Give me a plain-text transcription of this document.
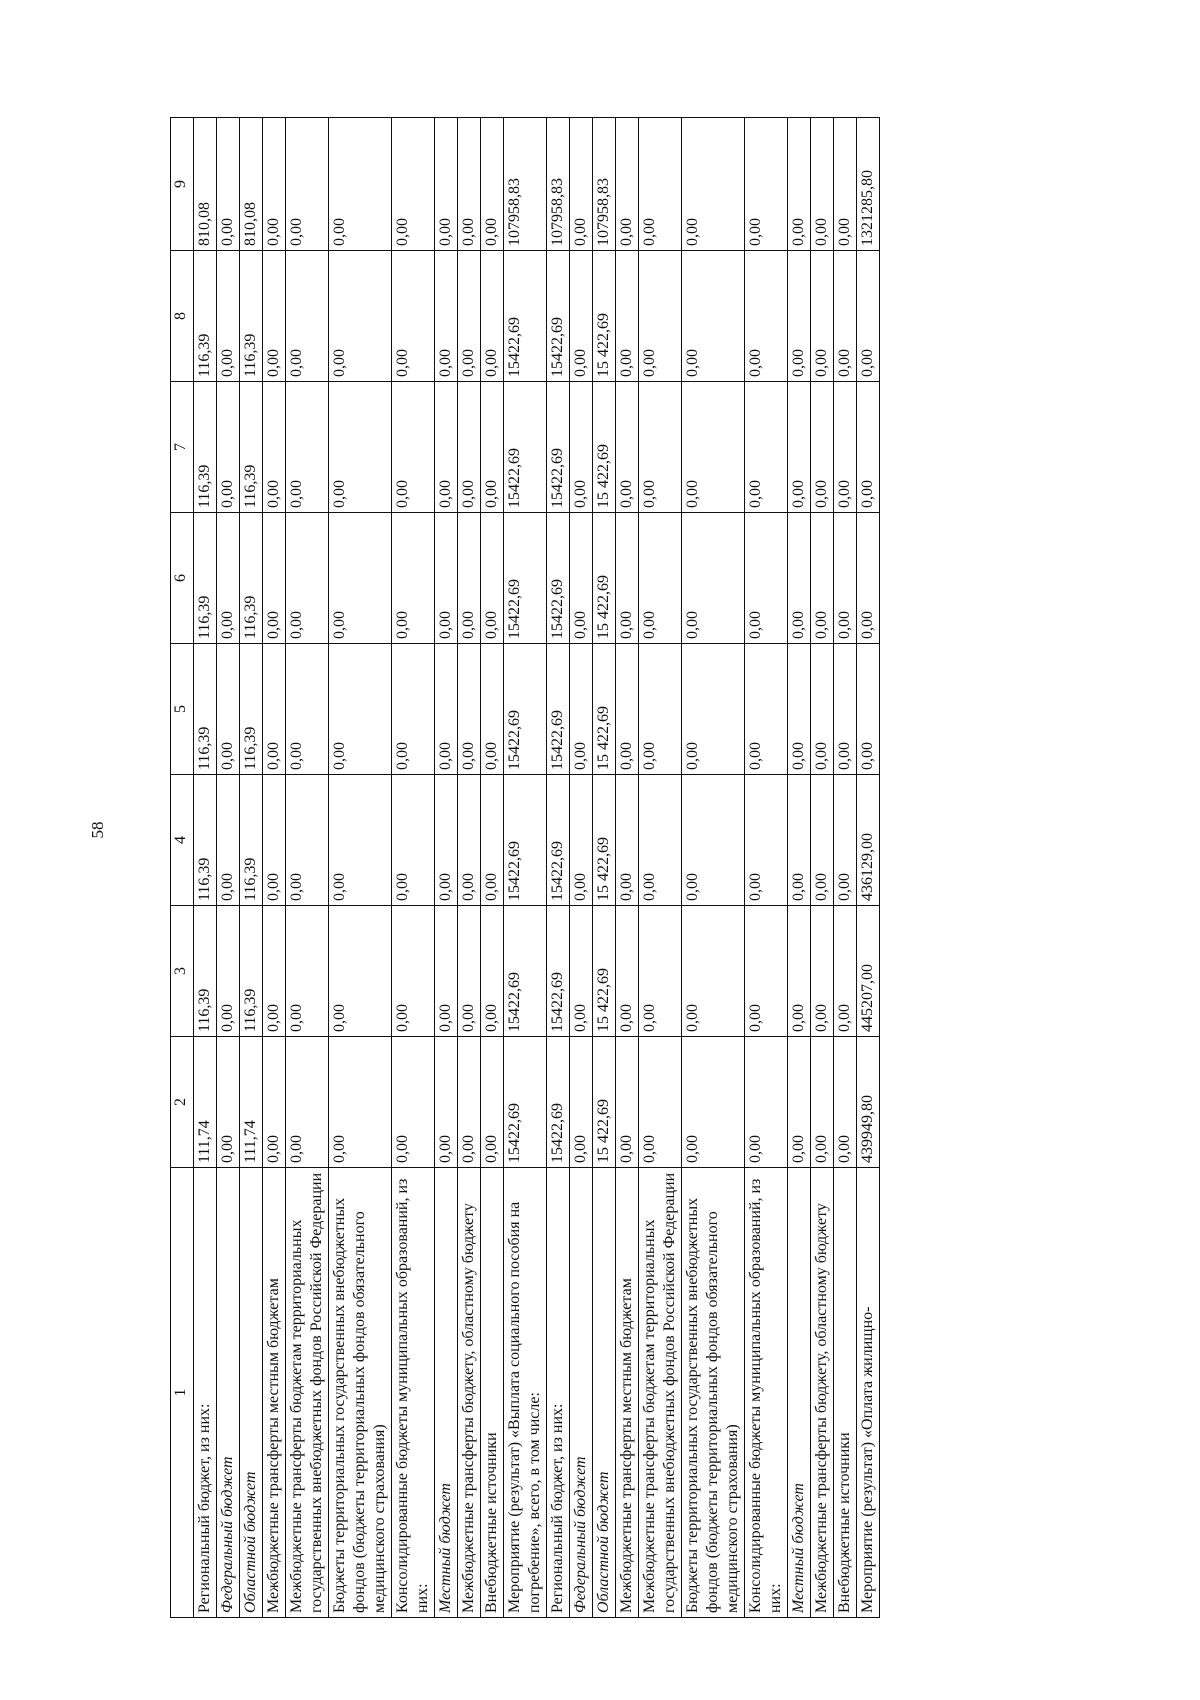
58
1	2	3	4	5	6	7	8	9
Региональный бюджет, из них:	111,74	116,39	116,39	116,39	116,39	116,39	116,39	810,08
Федеральный бюджет	0,00	0,00	0,00	0,00	0,00	0,00	0,00	0,00
Областной бюджет	111,74	116,39	116,39	116,39	116,39	116,39	116,39	810,08
Межбюджетные трансферты местным бюджетам	0,00	0,00	0,00	0,00	0,00	0,00	0,00	0,00
Межбюджетные трансферты бюджетам территориальных государственных внебюджетных фондов Российской Федерации	0,00	0,00	0,00	0,00	0,00	0,00	0,00	0,00
Бюджеты территориальных государственных внебюджетных фондов (бюджеты территориальных фондов обязательного медицинского страхования)	0,00	0,00	0,00	0,00	0,00	0,00	0,00	0,00
Консолидированные бюджеты муниципальных образований, из них:	0,00	0,00	0,00	0,00	0,00	0,00	0,00	0,00
Местный бюджет	0,00	0,00	0,00	0,00	0,00	0,00	0,00	0,00
Межбюджетные трансферты бюджету, областному бюджету	0,00	0,00	0,00	0,00	0,00	0,00	0,00	0,00
Внебюджетные источники	0,00	0,00	0,00	0,00	0,00	0,00	0,00	0,00
Мероприятие (результат) «Выплата социального пособия на погребение», всего, в том числе:	15422,69	15422,69	15422,69	15422,69	15422,69	15422,69	15422,69	107958,83
Региональный бюджет, из них:	15422,69	15422,69	15422,69	15422,69	15422,69	15422,69	15422,69	107958,83
Федеральный бюджет	0,00	0,00	0,00	0,00	0,00	0,00	0,00	0,00
Областной бюджет	15 422,69	15 422,69	15 422,69	15 422,69	15 422,69	15 422,69	15 422,69	107958,83
Межбюджетные трансферты местным бюджетам	0,00	0,00	0,00	0,00	0,00	0,00	0,00	0,00
Межбюджетные трансферты бюджетам территориальных государственных внебюджетных фондов Российской Федерации	0,00	0,00	0,00	0,00	0,00	0,00	0,00	0,00
Бюджеты территориальных государственных внебюджетных фондов (бюджеты территориальных фондов обязательного медицинского страхования)	0,00	0,00	0,00	0,00	0,00	0,00	0,00	0,00
Консолидированные бюджеты муниципальных образований, из них:	0,00	0,00	0,00	0,00	0,00	0,00	0,00	0,00
Местный бюджет	0,00	0,00	0,00	0,00	0,00	0,00	0,00	0,00
Межбюджетные трансферты бюджету, областному бюджету	0,00	0,00	0,00	0,00	0,00	0,00	0,00	0,00
Внебюджетные источники	0,00	0,00	0,00	0,00	0,00	0,00	0,00	0,00
Мероприятие (результат) «Оплата жилищно-	439949,80	445207,00	436129,00	0,00	0,00	0,00	0,00	1321285,80
